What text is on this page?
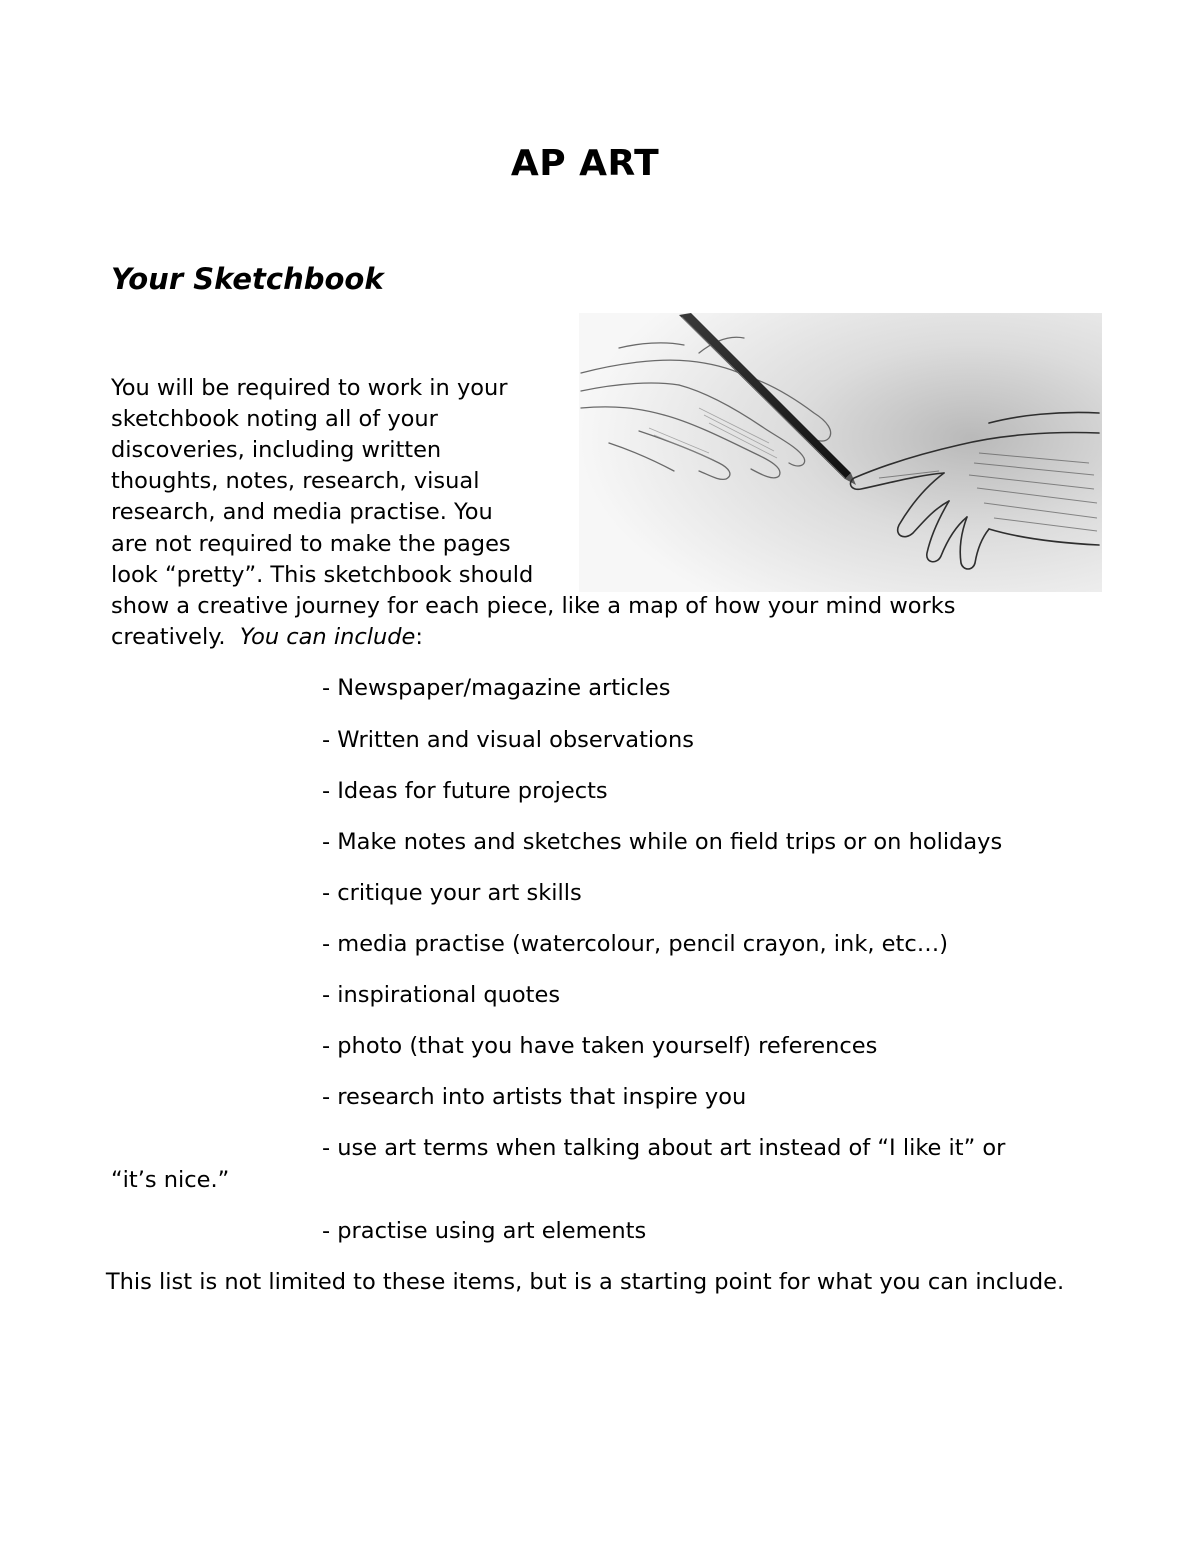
AP ART
Your Sketchbook
You will be required to work in your
sketchbook noting all of your
discoveries, including written
thoughts, notes, research, visual
research, and media practise. You
are not required to make the pages
look “pretty”. This sketchbook should
show a creative journey for each piece, like a map of how your mind works
creatively.  You can include:
- Newspaper/magazine articles
- Written and visual observations
- Ideas for future projects
- Make notes and sketches while on field trips or on holidays
- critique your art skills
- media practise (watercolour, pencil crayon, ink, etc…)
- inspirational quotes
- photo (that you have taken yourself) references
- research into artists that inspire you
- use art terms when talking about art instead of “I like it” or
“it’s nice.”
- practise using art elements
This list is not limited to these items, but is a starting point for what you can include.
